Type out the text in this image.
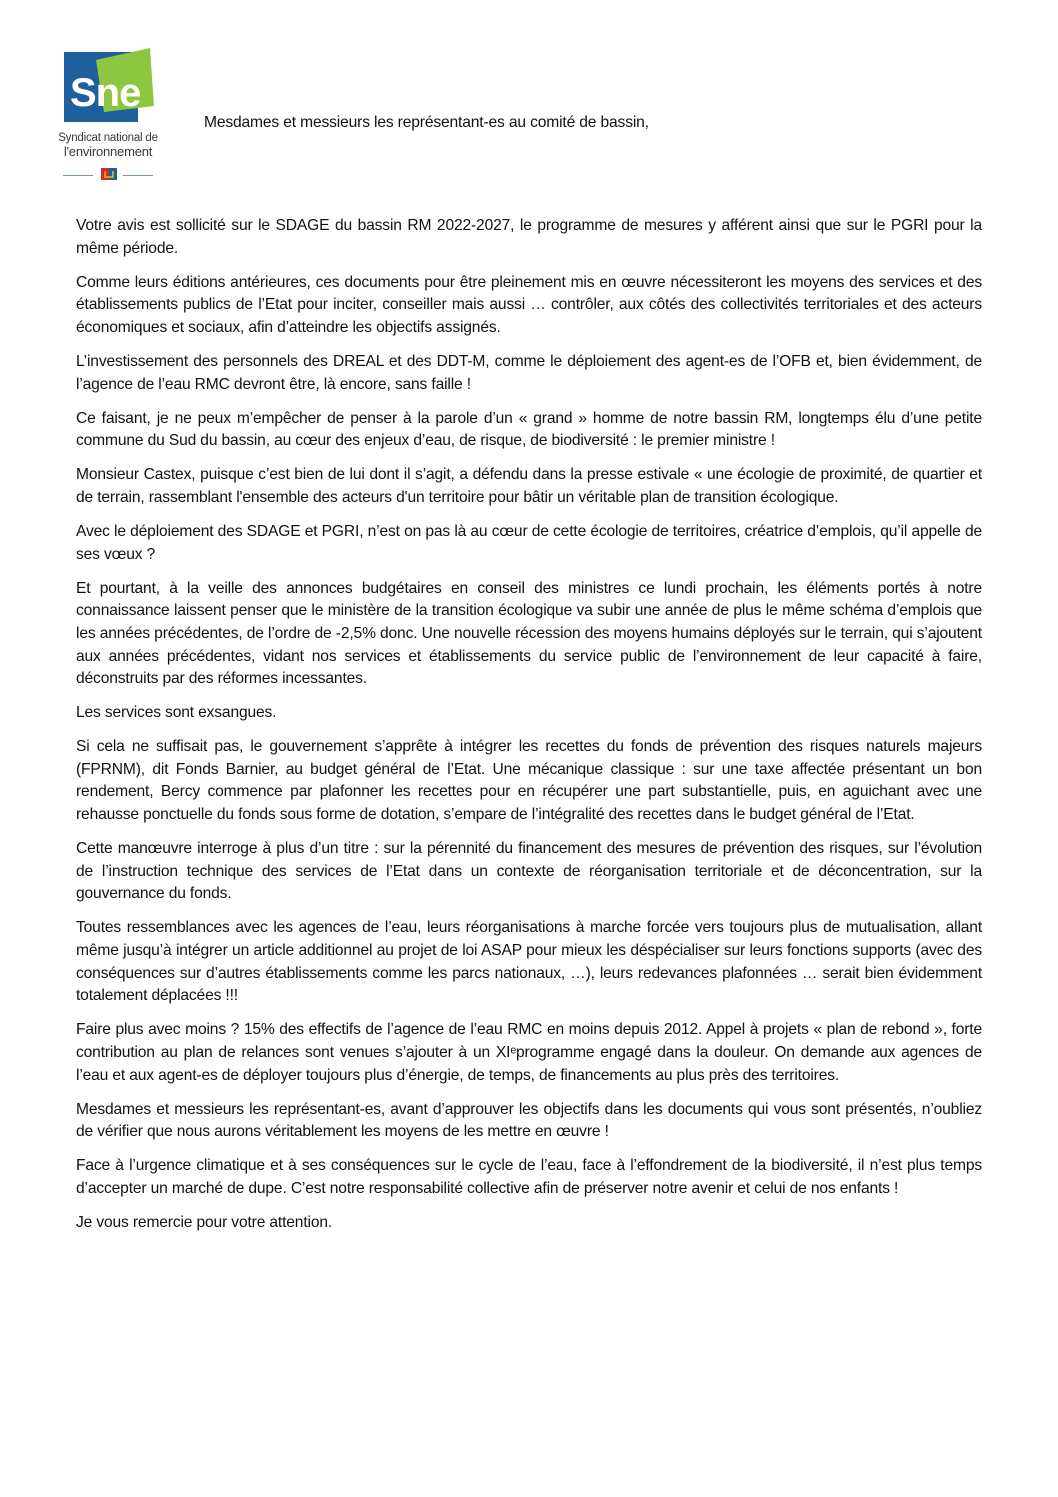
Sne
Syndicat national de
l'environnement
Mesdames et messieurs les représentant-es au comité de bassin,

Votre avis est sollicité sur le SDAGE du bassin RM 2022-2027, le programme de mesures y afférent ainsi que sur le PGRI pour la même période.

Comme leurs éditions antérieures, ces documents pour être pleinement mis en œuvre nécessiteront les moyens des services et des établissements publics de l’Etat pour inciter, conseiller mais aussi … contrôler, aux côtés des collectivités territoriales et des acteurs économiques et sociaux, afin d’atteindre les objectifs assignés.

L’investissement des personnels des DREAL et des DDT-M, comme le déploiement des agent-es de l’OFB et, bien évidemment, de l’agence de l’eau RMC devront être, là encore, sans faille !

Ce faisant, je ne peux m’empêcher de penser à la parole d’un « grand » homme de notre bassin RM, longtemps élu d’une petite commune du Sud du bassin, au cœur des enjeux d’eau, de risque, de biodiversité : le premier ministre !

Monsieur Castex, puisque c’est bien de lui dont il s’agit, a défendu dans la presse estivale « une écologie de proximité, de quartier et de terrain, rassemblant l'ensemble des acteurs d'un territoire pour bâtir un véritable plan de transition écologique.

Avec le déploiement des SDAGE et PGRI, n’est on pas là au cœur de cette écologie de territoires, créatrice d’emplois, qu’il appelle de ses vœux ?

Et pourtant, à la veille des annonces budgétaires en conseil des ministres ce lundi prochain, les éléments portés à notre connaissance laissent penser que le ministère de la transition écologique va subir une année de plus le même schéma d’emplois que les années précédentes, de l’ordre de -2,5% donc. Une nouvelle récession des moyens humains déployés sur le terrain, qui s’ajoutent aux années précédentes, vidant nos services et établissements du service public de l’environnement de leur capacité à faire, déconstruits par des réformes incessantes.

Les services sont exsangues.

Si cela ne suffisait pas, le gouvernement s’apprête à intégrer les recettes du fonds de prévention des risques naturels majeurs (FPRNM), dit Fonds Barnier, au budget général de l’Etat. Une mécanique classique : sur une taxe affectée présentant un bon rendement, Bercy commence par plafonner les recettes pour en récupérer une part substantielle, puis, en aguichant avec une rehausse ponctuelle du fonds sous forme de dotation, s’empare de l’intégralité des recettes dans le budget général de l’Etat.

Cette manœuvre interroge à plus d’un titre : sur la pérennité du financement des mesures de prévention des risques, sur l’évolution de l’instruction technique des services de l’Etat dans un contexte de réorganisation territoriale et de déconcentration, sur la gouvernance du fonds.

Toutes ressemblances avec les agences de l’eau, leurs réorganisations à marche forcée vers toujours plus de mutualisation, allant même jusqu’à intégrer un article additionnel au projet de loi ASAP pour mieux les déspécialiser sur leurs fonctions supports (avec des conséquences sur d’autres établissements comme les parcs nationaux, …), leurs redevances plafonnées … serait bien évidemment totalement déplacées !!!

Faire plus avec moins ? 15% des effectifs de l’agence de l’eau RMC en moins depuis 2012. Appel à projets « plan de rebond », forte contribution au plan de relances sont venues s’ajouter à un XIᵉprogramme engagé dans la douleur. On demande aux agences de l’eau et aux agent-es de déployer toujours plus d’énergie, de temps, de financements au plus près des territoires.

Mesdames et messieurs les représentant-es, avant d’approuver les objectifs dans les documents qui vous sont présentés, n’oubliez de vérifier que nous aurons véritablement les moyens de les mettre en œuvre !

Face à l’urgence climatique et à ses conséquences sur le cycle de l’eau, face à l’effondrement de la biodiversité, il n’est plus temps d’accepter un marché de dupe. C’est notre responsabilité collective afin de préserver notre avenir et celui de nos enfants !

Je vous remercie pour votre attention.
